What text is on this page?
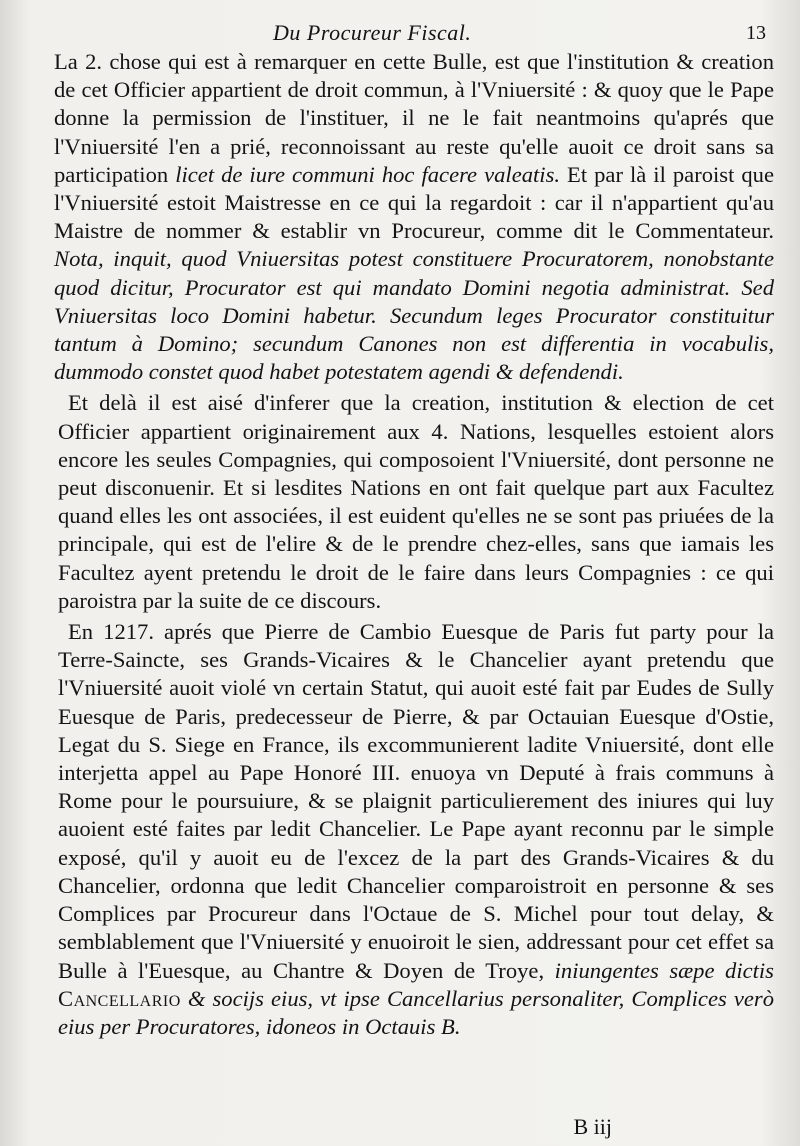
Du Procureur Fiscal.	13

La 2. chose qui est à remarquer en cette Bulle, est que l'institution & creation de cet Officier appartient de droit commun, à l'Vniuersité : & quoy que le Pape donne la permission de l'instituer, il ne le fait neantmoins qu'aprés que l'Vniuersité l'en a prié, reconnoissant au reste qu'elle auoit ce droit sans sa participation licet de iure communi hoc facere valeatis. Et par là il paroist que l'Vniuersité estoit Maistresse en ce qui la regardoit : car il n'appartient qu'au Maistre de nommer & establir vn Procureur, comme dit le Commentateur. Nota, inquit, quod Vniuersitas potest constituere Procuratorem, nonobstante quod dicitur, Procurator est qui mandato Domini negotia administrat. Sed Vniuersitas loco Domini habetur. Secundum leges Procurator constituitur tantum à Domino; secundum Canones non est differentia in vocabulis, dummodo constet quod habet potestatem agendi & defendendi.

Et delà il est aisé d'inferer que la creation, institution & election de cet Officier appartient originairement aux 4. Nations, lesquelles estoient alors encore les seules Compagnies, qui composoient l'Vniuersité, dont personne ne peut disconuenir. Et si lesdites Nations en ont fait quelque part aux Facultez quand elles les ont associées, il est euident qu'elles ne se sont pas priuées de la principale, qui est de l'elire & de le prendre chez-elles, sans que iamais les Facultez ayent pretendu le droit de le faire dans leurs Compagnies : ce qui paroistra par la suite de ce discours.

En 1217. aprés que Pierre de Cambio Euesque de Paris fut party pour la Terre-Saincte, ses Grands-Vicaires & le Chancelier ayant pretendu que l'Vniuersité auoit violé vn certain Statut, qui auoit esté fait par Eudes de Sully Euesque de Paris, predecesseur de Pierre, & par Octauian Euesque d'Ostie, Legat du S. Siege en France, ils excommunierent ladite Vniuersité, dont elle interjetta appel au Pape Honoré III. enuoya vn Deputé à frais communs à Rome pour le poursuiure, & se plaignit particulierement des iniures qui luy auoient esté faites par ledit Chancelier. Le Pape ayant reconnu par le simple exposé, qu'il y auoit eu de l'excez de la part des Grands-Vicaires & du Chancelier, ordonna que ledit Chancelier comparoistroit en personne & ses Complices par Procureur dans l'Octaue de S. Michel pour tout delay, & semblablement que l'Vniuersité y enuoiroit le sien, addressant pour cet effet sa Bulle à l'Euesque, au Chantre & Doyen de Troye, iniungentes sæpe dictis Cancellario & socijs eius, vt ipse Cancellarius personaliter, Complices verò eius per Procuratores, idoneos in Octauis B.

B iij
